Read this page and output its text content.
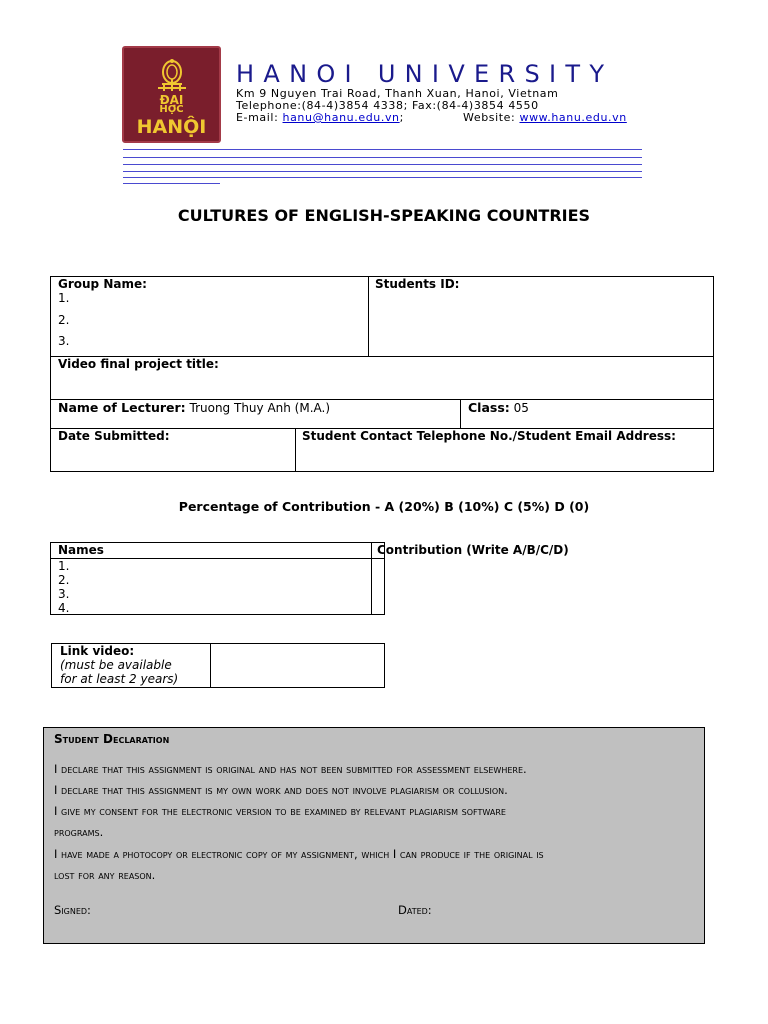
ĐẠI
HỌC
HANỘI
HANOI UNIVERSITY
Km 9 Nguyen Trai Road, Thanh Xuan, Hanoi, Vietnam
Telephone:(84-4)3854 4338; Fax:(84-4)3854 4550
E-mail: hanu@hanu.edu.vn;	Website: www.hanu.edu.vn
CULTURES OF ENGLISH-SPEAKING COUNTRIES
Group Name:
1.
2.
3.
Students ID:
Video final project title:
Name of Lecturer: Truong Thuy Anh (M.A.)	Class: 05
Date Submitted:	Student Contact Telephone No./Student Email Address:
Percentage of Contribution - A (20%) B (10%) C (5%) D (0)
Names	Contribution (Write A/B/C/D)
1.
2.
3.
4.
Link video:
(must be available
for at least 2 years)
Student Declaration
I declare that this assignment is original and has not been submitted for assessment elsewhere.
I declare that this assignment is my own work and does not involve plagiarism or collusion.
I give my consent for the electronic version to be examined by relevant plagiarism software
programs.
I have made a photocopy or electronic copy of my assignment, which I can produce if the original is
lost for any reason.
Signed:	Dated:
